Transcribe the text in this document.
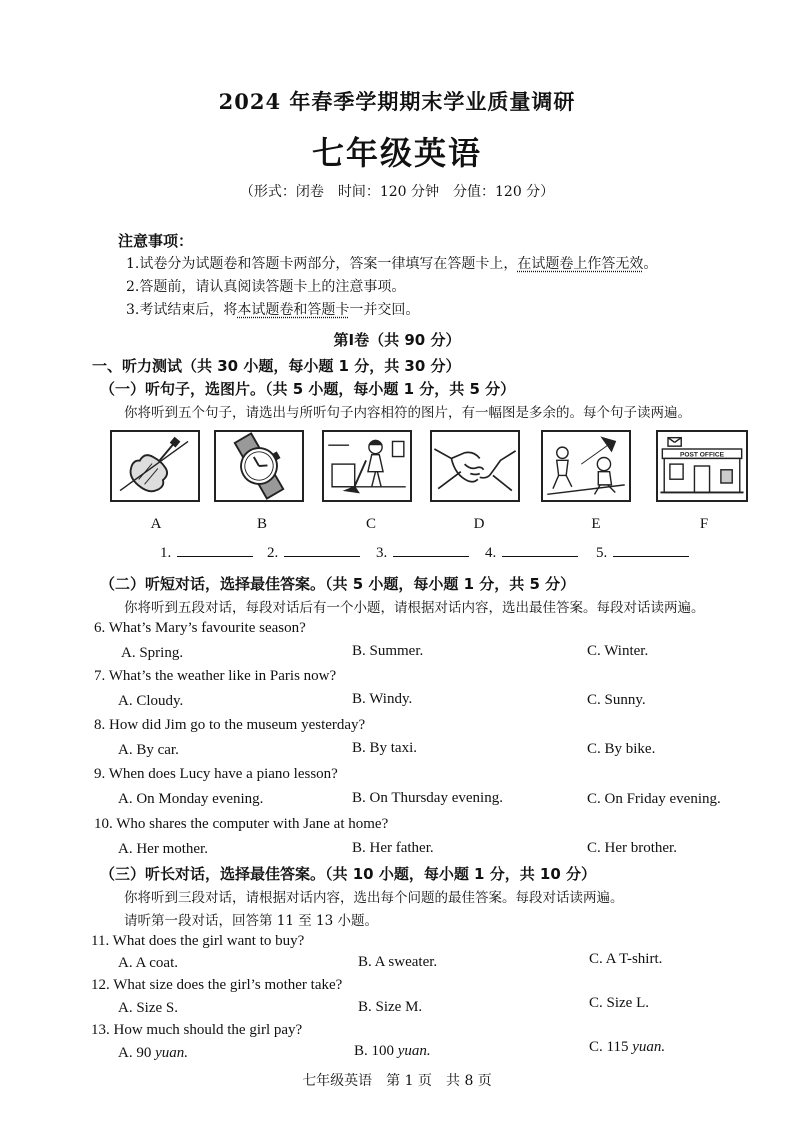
2024 年春季学期期末学业质量调研
七年级英语
（形式：闭卷　时间：120 分钟　分值：120 分）
注意事项：
1.试卷分为试题卷和答题卡两部分，答案一律填写在答题卡上，在试题卷上作答无效。
2.答题前，请认真阅读答题卡上的注意事项。
3.考试结束后，将本试题卷和答题卡一并交回。
第Ⅰ卷（共 90 分）
一、听力测试（共 30 小题，每小题 1 分，共 30 分）
（一）听句子，选图片。（共 5 小题，每小题 1 分，共 5 分）
你将听到五个句子，请选出与所听句子内容相符的图片，有一幅图是多余的。每个句子读两遍。
POST OFFICE
A	B	C	D	E	F
1.	2.	3.	4.	5.
（二）听短对话，选择最佳答案。（共 5 小题，每小题 1 分，共 5 分）
你将听到五段对话，每段对话后有一个小题，请根据对话内容，选出最佳答案。每段对话读两遍。
6. What’s Mary’s favourite season?
A. Spring.	B. Summer.	C. Winter.
7. What’s the weather like in Paris now?
A. Cloudy.	B. Windy.	C. Sunny.
8. How did Jim go to the museum yesterday?
A. By car.	B. By taxi.	C. By bike.
9. When does Lucy have a piano lesson?
A. On Monday evening.	B. On Thursday evening.	C. On Friday evening.
10. Who shares the computer with Jane at home?
A. Her mother.	B. Her father.	C. Her brother.
（三）听长对话，选择最佳答案。（共 10 小题，每小题 1 分，共 10 分）
你将听到三段对话，请根据对话内容，选出每个问题的最佳答案。每段对话读两遍。
请听第一段对话，回答第 11 至 13 小题。
11. What does the girl want to buy?
A. A coat.	B. A sweater.	C. A T-shirt.
12. What size does the girl’s mother take?
A. Size S.	B. Size M.	C. Size L.
13. How much should the girl pay?
A. 90 yuan.	B. 100 yuan.	C. 115 yuan.
七年级英语　第 1 页　共 8 页
